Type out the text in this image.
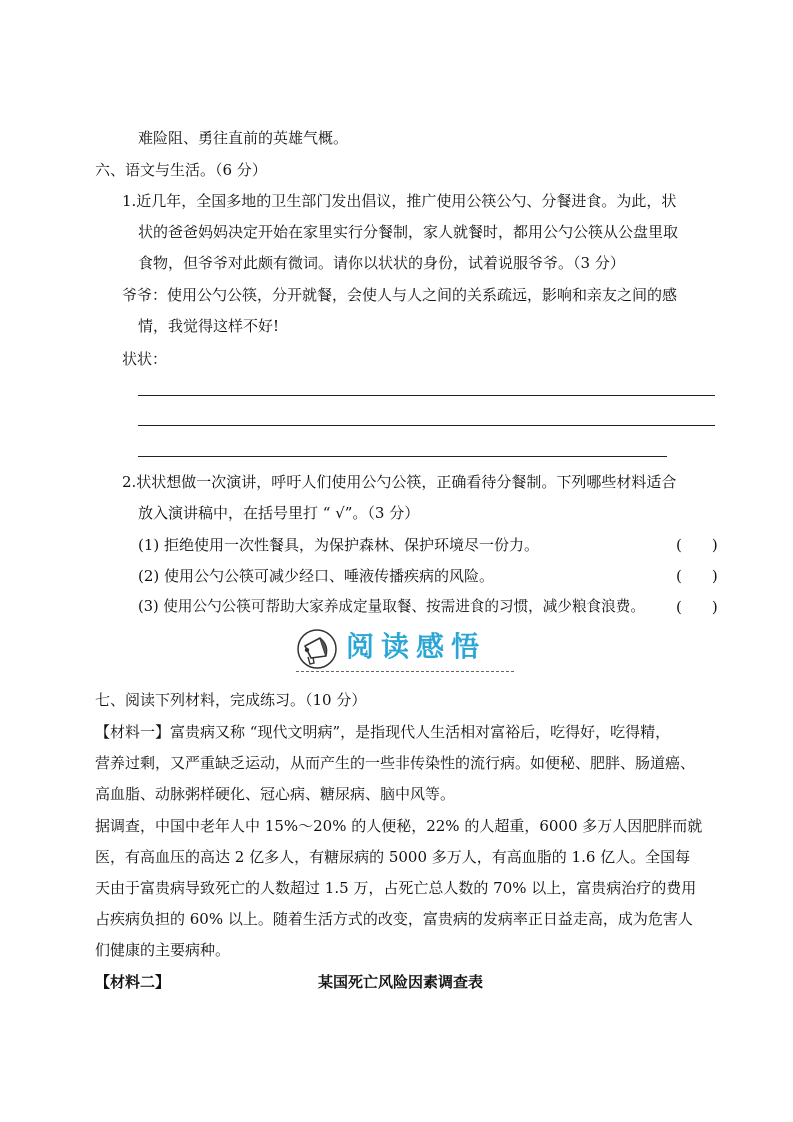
难险阻、勇往直前的英雄气概。
六、语文与生活。（6 分）
1.近几年，全国多地的卫生部门发出倡议，推广使用公筷公勺、分餐进食。为此，状
状的爸爸妈妈决定开始在家里实行分餐制，家人就餐时，都用公勺公筷从公盘里取
食物，但爷爷对此颇有微词。请你以状状的身份，试着说服爷爷。（3 分）
爷爷：使用公勺公筷，分开就餐，会使人与人之间的关系疏远，影响和亲友之间的感
情，我觉得这样不好!
状状：
2.状状想做一次演讲，呼吁人们使用公勺公筷，正确看待分餐制。下列哪些材料适合
放入演讲稿中，在括号里打 “ √”。（3 分）
(1) 拒绝使用一次性餐具，为保护森林、保护环境尽一份力。	(　　)
(2) 使用公勺公筷可减少经口、唾液传播疾病的风险。	(　　)
(3) 使用公勺公筷可帮助大家养成定量取餐、按需进食的习惯，减少粮食浪费。 (　　)
阅读感悟
七、阅读下列材料，完成练习。（10 分）
【材料一】富贵病又称 “现代文明病”，是指现代人生活相对富裕后，吃得好，吃得精，
营养过剩，又严重缺乏运动，从而产生的一些非传染性的流行病。如便秘、肥胖、肠道癌、
高血脂、动脉粥样硬化、冠心病、糖尿病、脑中风等。
据调查，中国中老年人中 15%～20% 的人便秘，22% 的人超重，6000 多万人因肥胖而就
医，有高血压的高达 2 亿多人，有糖尿病的 5000 多万人，有高血脂的 1.6 亿人。全国每
天由于富贵病导致死亡的人数超过 1.5 万，占死亡总人数的 70% 以上，富贵病治疗的费用
占疾病负担的 60% 以上。随着生活方式的改变，富贵病的发病率正日益走高，成为危害人
们健康的主要病种。
【材料二】	某国死亡风险因素调查表
